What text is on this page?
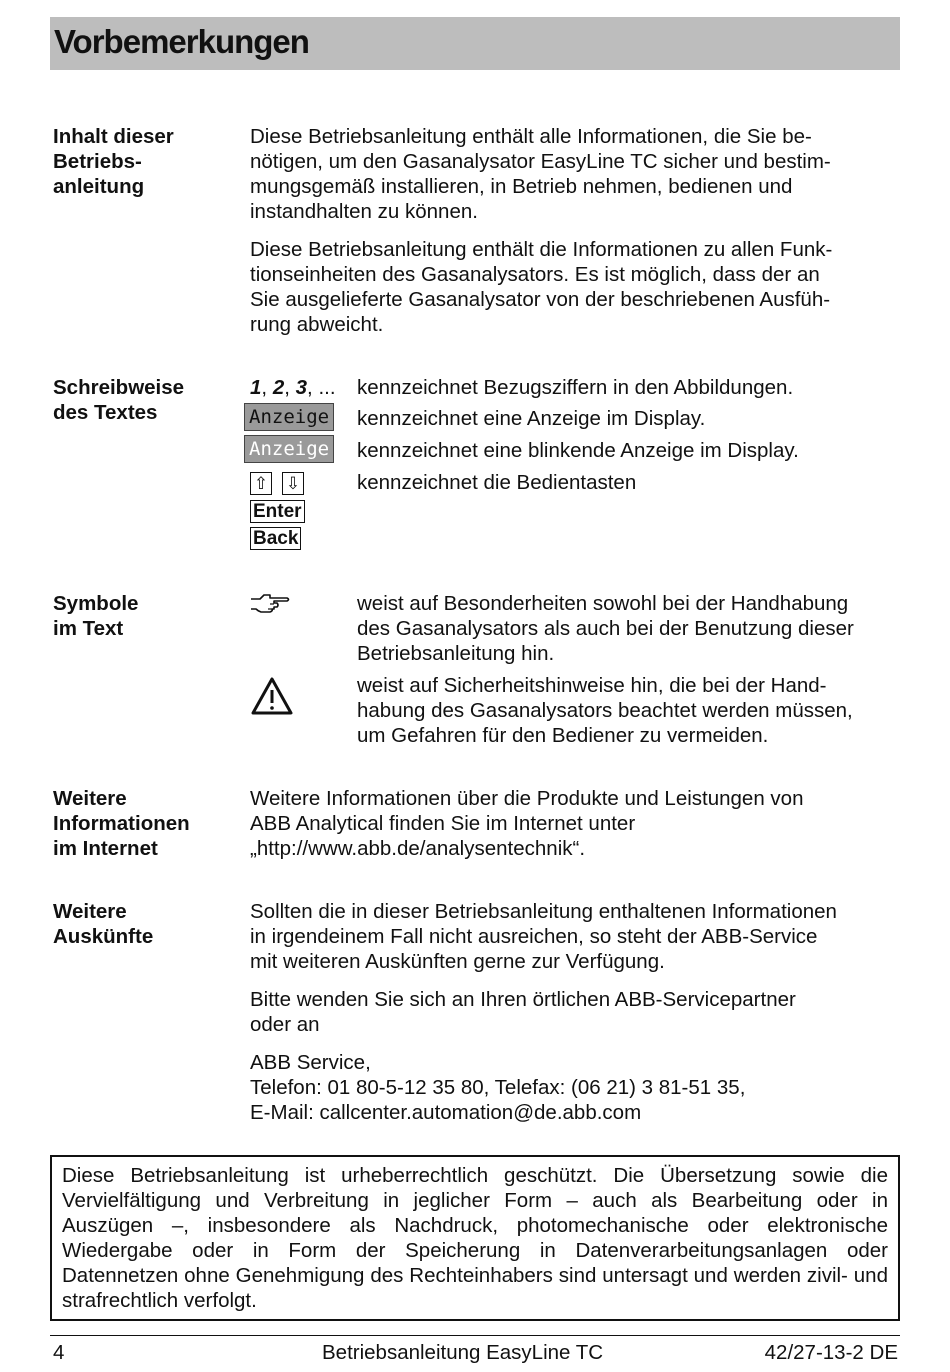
Vorbemerkungen
Inhalt dieser
Betriebs-
anleitung

Diese Betriebsanleitung enthält alle Informationen, die Sie be-
nötigen, um den Gasanalysator EasyLine TC sicher und bestim-
mungsgemäß installieren, in Betrieb nehmen, bedienen und
instandhalten zu können.

Diese Betriebsanleitung enthält die Informationen zu allen Funk-
tionseinheiten des Gasanalysators. Es ist möglich, dass der an
Sie ausgelieferte Gasanalysator von der beschriebenen Ausfüh-
rung abweicht.

Schreibweise
des Textes
1, 2, 3, ...	kennzeichnet Bezugsziffern in den Abbildungen.
Anzeige	kennzeichnet eine Anzeige im Display.
Anzeige	kennzeichnet eine blinkende Anzeige im Display.
⇧ ⇩
Enter
Back
kennzeichnet die Bedientasten
Symbole
im Text
weist auf Besonderheiten sowohl bei der Handhabung
des Gasanalysators als auch bei der Benutzung dieser
Betriebsanleitung hin.
weist auf Sicherheitshinweise hin, die bei der Hand-
habung des Gasanalysators beachtet werden müssen,
um Gefahren für den Bediener zu vermeiden.
Weitere
Informationen
im Internet

Weitere Informationen über die Produkte und Leistungen von
ABB Analytical finden Sie im Internet unter
„http://www.abb.de/analysentechnik“.

Weitere
Auskünfte

Sollten die in dieser Betriebsanleitung enthaltenen Informationen
in irgendeinem Fall nicht ausreichen, so steht der ABB-Service
mit weiteren Auskünften gerne zur Verfügung.

Bitte wenden Sie sich an Ihren örtlichen ABB-Servicepartner
oder an

ABB Service,
Telefon: 01 80-5-12 35 80, Telefax: (06 21) 3 81-51 35,
E-Mail: callcenter.automation@de.abb.com

Diese Betriebsanleitung ist urheberrechtlich geschützt. Die Übersetzung sowie die Vervielfältigung und Verbreitung in jeglicher Form – auch als Bearbeitung oder in Auszügen –, insbesondere als Nachdruck, photomechanische oder elektronische Wiedergabe oder in Form der Speicherung in Datenverarbeitungsanlagen oder Datennetzen ohne Genehmigung des Rechteinhabers sind untersagt und werden zivil- und strafrechtlich verfolgt.
4	Betriebsanleitung EasyLine TC	42/27-13-2 DE
